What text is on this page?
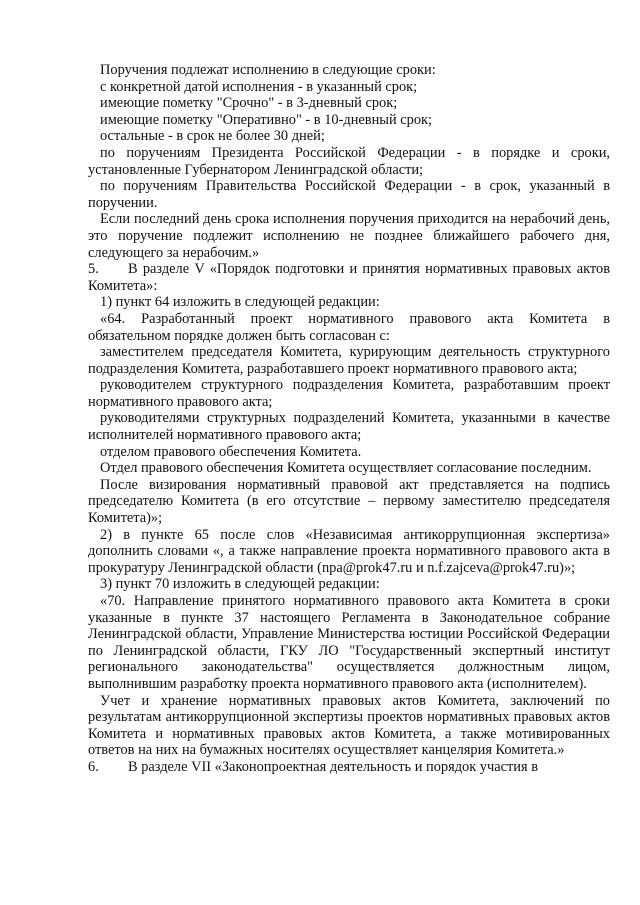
Поручения подлежат исполнению в следующие сроки:

с конкретной датой исполнения - в указанный срок;

имеющие пометку "Срочно" - в 3-дневный срок;

имеющие пометку "Оперативно" - в 10-дневный срок;

остальные - в срок не более 30 дней;

по поручениям Президента Российской Федерации - в порядке и сроки, установленные Губернатором Ленинградской области;

по поручениям Правительства Российской Федерации - в срок, указанный в поручении.

Если последний день срока исполнения поручения приходится на нерабочий день, это поручение подлежит исполнению не позднее ближайшего рабочего дня, следующего за нерабочим.»

5. В разделе V «Порядок подготовки и принятия нормативных правовых актов Комитета»:

1) пункт 64 изложить в следующей редакции:

«64. Разработанный проект нормативного правового акта Комитета в обязательном порядке должен быть согласован с:

заместителем председателя Комитета, курирующим деятельность структурного подразделения Комитета, разработавшего проект нормативного правового акта;

руководителем структурного подразделения Комитета, разработавшим проект нормативного правового акта;

руководителями структурных подразделений Комитета, указанными в качестве исполнителей нормативного правового акта;

отделом правового обеспечения Комитета.

Отдел правового обеспечения Комитета осуществляет согласование последним.

После визирования нормативный правовой акт представляется на подпись председателю Комитета (в его отсутствие – первому заместителю председателя Комитета)»;

2) в пункте 65 после слов «Независимая антикоррупционная экспертиза» дополнить словами «, а также направление проекта нормативного правового акта в прокуратуру Ленинградской области (npa@prok47.ru и n.f.zajceva@prok47.ru)»;

3) пункт 70 изложить в следующей редакции:

«70. Направление принятого нормативного правового акта Комитета в сроки указанные в пункте 37 настоящего Регламента в Законодательное собрание Ленинградской области, Управление Министерства юстиции Российской Федерации по Ленинградской области, ГКУ ЛО "Государственный экспертный институт регионального законодательства" осуществляется должностным лицом, выполнившим разработку проекта нормативного правового акта (исполнителем).

Учет и хранение нормативных правовых актов Комитета, заключений по результатам антикоррупционной экспертизы проектов нормативных правовых актов Комитета и нормативных правовых актов Комитета, а также мотивированных ответов на них на бумажных носителях осуществляет канцелярия Комитета.»

6. В разделе VII «Законопроектная деятельность и порядок участия в
